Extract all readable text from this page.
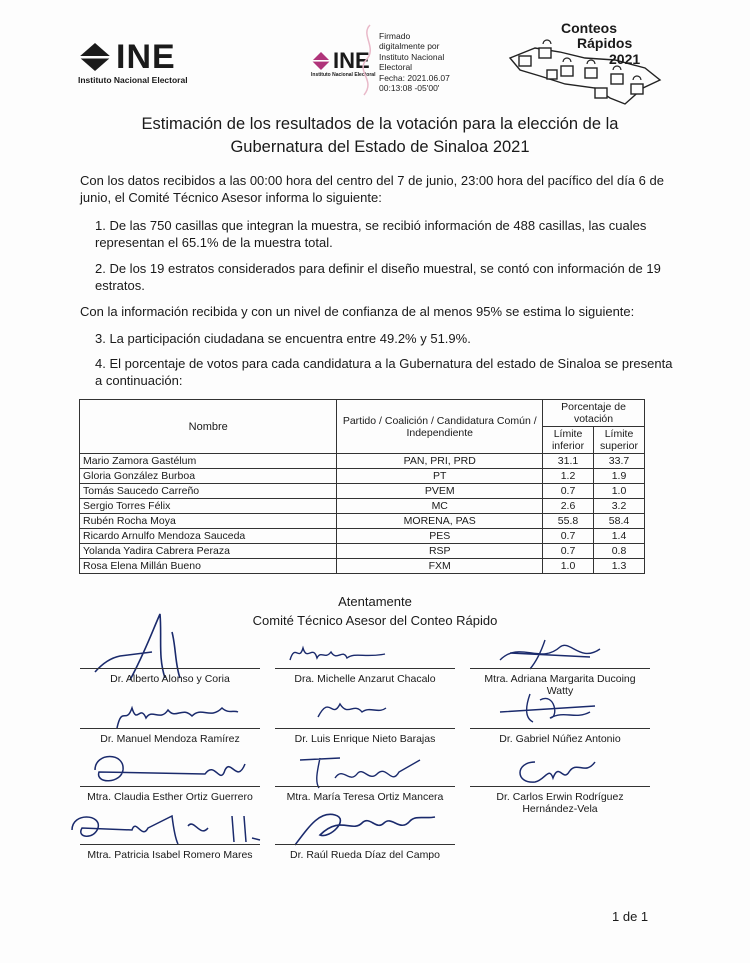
INE
Instituto Nacional Electoral
INE
Instituto Nacional Electoral
Firmado
digitalmente por
Instituto Nacional
Electoral
Fecha: 2021.06.07
00:13:08 -05'00'
Conteos
Rápidos
2021
Estimación de los resultados de la votación para la elección de la
Gubernatura del Estado de Sinaloa 2021
Con los datos recibidos a las 00:00 hora del centro del 7 de junio, 23:00 hora del pacífico del día 6 de junio, el Comité Técnico Asesor informa lo siguiente:
1. De las 750 casillas que integran la muestra, se recibió información de 488 casillas, las cuales representan el 65.1% de la muestra total.
2. De los 19 estratos considerados para definir el diseño muestral, se contó con información de 19 estratos.
Con la información recibida y con un nivel de confianza de al menos 95% se estima lo siguiente:
3. La participación ciudadana se encuentra entre 49.2% y 51.9%.
4. El porcentaje de votos para cada candidatura a la Gubernatura del estado de Sinaloa se presenta a continuación:
Nombre	Partido / Coalición / Candidatura Común / Independiente	Porcentaje de votación	
		Límite inferior	Límite superior
Mario Zamora Gastélum	PAN, PRI, PRD	31.1	33.7
Gloria González Burboa	PT	1.2	1.9
Tomás Saucedo Carreño	PVEM	0.7	1.0
Sergio Torres Félix	MC	2.6	3.2
Rubén Rocha Moya	MORENA, PAS	55.8	58.4
Ricardo Arnulfo Mendoza Sauceda	PES	0.7	1.4
Yolanda Yadira Cabrera Peraza	RSP	0.7	0.8
Rosa Elena Millán Bueno	FXM	1.0	1.3
Atentamente
Comité Técnico Asesor del Conteo Rápido
Dr. Alberto Alonso y Coria	Dra. Michelle Anzarut Chacalo	Mtra. Adriana Margarita Ducoing Watty
Dr. Manuel Mendoza Ramírez	Dr. Luis Enrique Nieto Barajas	Dr. Gabriel Núñez Antonio
Mtra. Claudia Esther Ortiz Guerrero	Mtra. María Teresa Ortiz Mancera	Dr. Carlos Erwin Rodríguez Hernández-Vela
Mtra. Patricia Isabel Romero Mares	Dr. Raúl Rueda Díaz del Campo
1 de 1
